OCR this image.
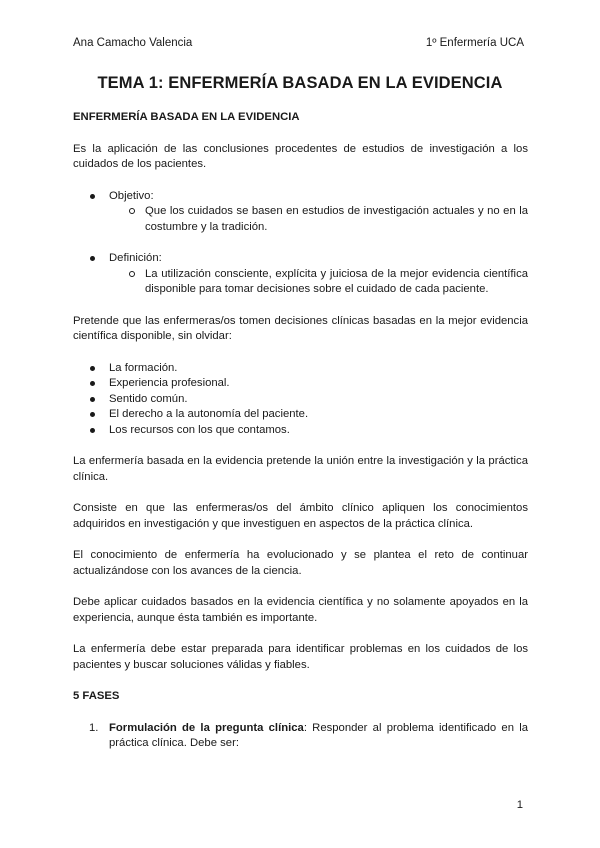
Ana Camacho Valencia	1º Enfermería UCA
TEMA 1: ENFERMERÍA BASADA EN LA EVIDENCIA
ENFERMERÍA BASADA EN LA EVIDENCIA

Es la aplicación de las conclusiones procedentes de estudios de investigación a los cuidados de los pacientes.

Objetivo:
Que los cuidados se basen en estudios de investigación actuales y no en la costumbre y la tradición.
Definición:
La utilización consciente, explícita y juiciosa de la mejor evidencia científica disponible para tomar decisiones sobre el cuidado de cada paciente.

Pretende que las enfermeras/os tomen decisiones clínicas basadas en la mejor evidencia científica disponible, sin olvidar:

La formación.
Experiencia profesional.
Sentido común.
El derecho a la autonomía del paciente.
Los recursos con los que contamos.

La enfermería basada en la evidencia pretende la unión entre la investigación y la práctica clínica.

Consiste en que las enfermeras/os del ámbito clínico apliquen los conocimientos adquiridos en investigación y que investiguen en aspectos de la práctica clínica.

El conocimiento de enfermería ha evolucionado y se plantea el reto de continuar actualizándose con los avances de la ciencia.

Debe aplicar cuidados basados en la evidencia científica y no solamente apoyados en la experiencia, aunque ésta también es importante.

La enfermería debe estar preparada para identificar problemas en los cuidados de los pacientes y buscar soluciones válidas y fiables.

5 FASES
1. Formulación de la pregunta clínica: Responder al problema identificado en la práctica clínica. Debe ser:
1
